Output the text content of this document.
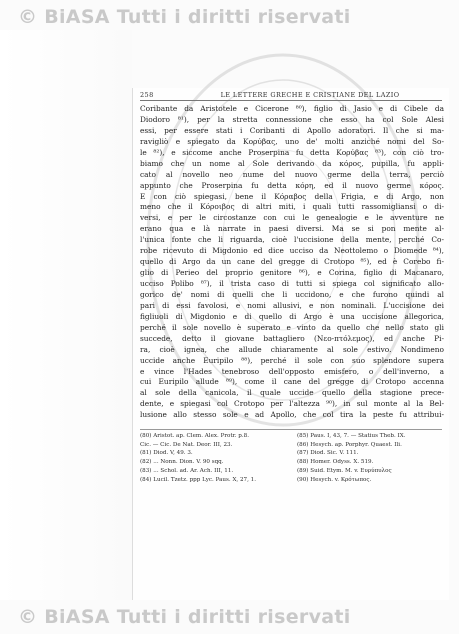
© BiASA Tutti i diritti riservati
258	LE LETTERE GRECHE E CRISTIANE DEL LAZIO
Coribante da Aristotele e Cicerone ⁸⁰), figlio di Jasio e di Cibele da
Diodoro ⁸¹), per la stretta connessione che esso ha col Sole Alesi
essi, per essere stati i Coribanti di Apollo adoratori. Il che si ma-
ravigliò e spiegato da Κορύβας, uno de' molti anziché nomi del So-
le ⁸²), e siccome anche Proserpina fu detta Κορύβας ⁸³), con ciò tro-
biamo che un nome al Sole derivando da κόρος, pupilla, fu appli-
cato al novello neo nume del nuovo germe della terra, perciò
appunto che Proserpina fu detta κόρη, ed il nuovo germe κόρος.
E con ciò spiegasi, bene il Κόραβος della Frigia, e di Argo, non
meno che il Κόροιβος di altri miti, i quali tutti rassomigliansi o di-
versi, e per le circostanze con cui le genealogie e le avventure ne
erano qua e là narrate in paesi diversi. Ma se si pon mente al-
l'unica fonte che li riguarda, cioè l'uccisione della mente, perché Co-
robe ricevuto di Migdonio ed dice ucciso da Neottolemo o Diomede ⁸⁴),
quello di Argo da un cane del gregge di Crotopo ⁸⁵), ed è Corebo fi-
glio di Perieo del proprio genitore ⁸⁶), e Corina, figlio di Macanaro,
ucciso Polibo ⁸⁷), il trista caso di tutti si spiega col significato allo-
gorico de' nomi di quelli che li uccidono, e che furono quindi al
pari di essi favolosi, e nomi allusivi, e non nominali. L'uccisione dei
figliuoli di Migdonio e di quello di Argo è una uccisione allegorica,
perché il sole novello è superato e vinto da quello che nello stato gli
succede, detto il giovane battagliero (Νεο-πτόλεμος), ed anche Pi-
ra, cioè ignea, che allude chiaramente al sole estivo. Nondimeno
uccide anche Euripilo ⁸⁸), perché il sole con suo splendore supera
e vince l'Hades tenebroso dell'opposto emisfero, o dell'inverno, a
cui Euripilo allude ⁸⁹), come il cane del gregge di Crotopo accenna
al sole della canicola, il quale uccide quello della stagione prece-
dente, e spiegasi col Crotopo per l'altezza ⁹⁰), in sul monte al la Bel-
lusione allo stesso sole e ad Apollo, che col tira la peste fu attribui-
(80) Aristot. ap. Clem. Alex. Protr. p.8.
Cic. — Cic. De Nat. Deor. III, 23.
(81) Diod. V, 49. 3.
(82) ... Nonn. Dion. V. 90 sqq.
(83) ... Schol. ad. Ar. Ach. III, 11.
(84) Lucil. Tzetz. ppp Lyc. Paus. X, 27, 1.
(85) Paus. I, 43, 7. — Statius Theb. IX.
(86) Hesych. ap. Porphyr. Quaest. Ili.
(87) Diod. Sic. V. 111.
(88) Homer. Odyss. X. 519.
(89) Suid. Etym. M. v. Ευρύπυλος
(90) Hesych. v. Κρότωπος.
© BiASA Tutti i diritti riservati
